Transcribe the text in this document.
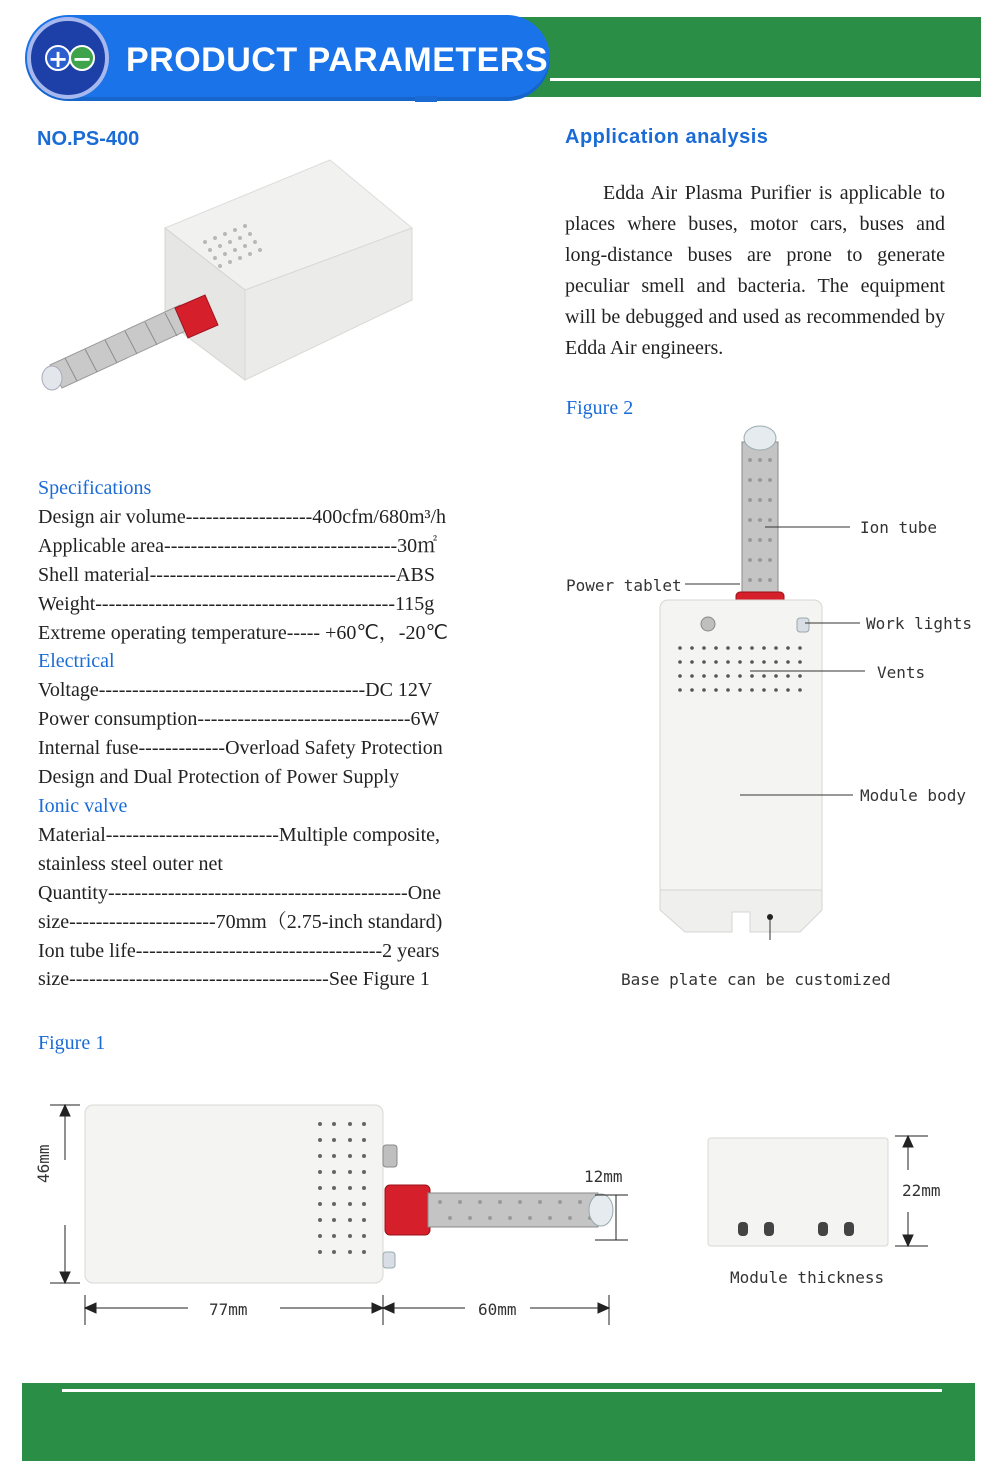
+ − PRODUCT PARAMETERS
NO.PS-400
Specifications
Design air volume-------------------400cfm/680m³/h
Applicable area-----------------------------------30㎡
Shell material-------------------------------------ABS
Weight---------------------------------------------115g
Extreme operating temperature----- +60℃，-20℃
Electrical
Voltage----------------------------------------DC 12V
Power consumption--------------------------------6W
Internal fuse-------------Overload Safety Protection
Design and Dual Protection of Power Supply
Ionic valve
Material--------------------------Multiple composite,
stainless steel outer net
Quantity---------------------------------------------One
size----------------------70mm（2.75-inch standard)
Ion tube life-------------------------------------2 years
size---------------------------------------See Figure 1
Figure 1
Application analysis
Edda Air Plasma Purifier is applicable to places where buses, motor cars, buses and long-distance buses are prone to generate peculiar smell and bacteria. The equipment will be debugged and used as recommended by Edda Air engineers.
Figure 2
Ion tube
Power tablet
Work lights
Vents
Module body
Base plate can be customized
46mm
77mm	60mm
12mm
22mm
Module thickness
